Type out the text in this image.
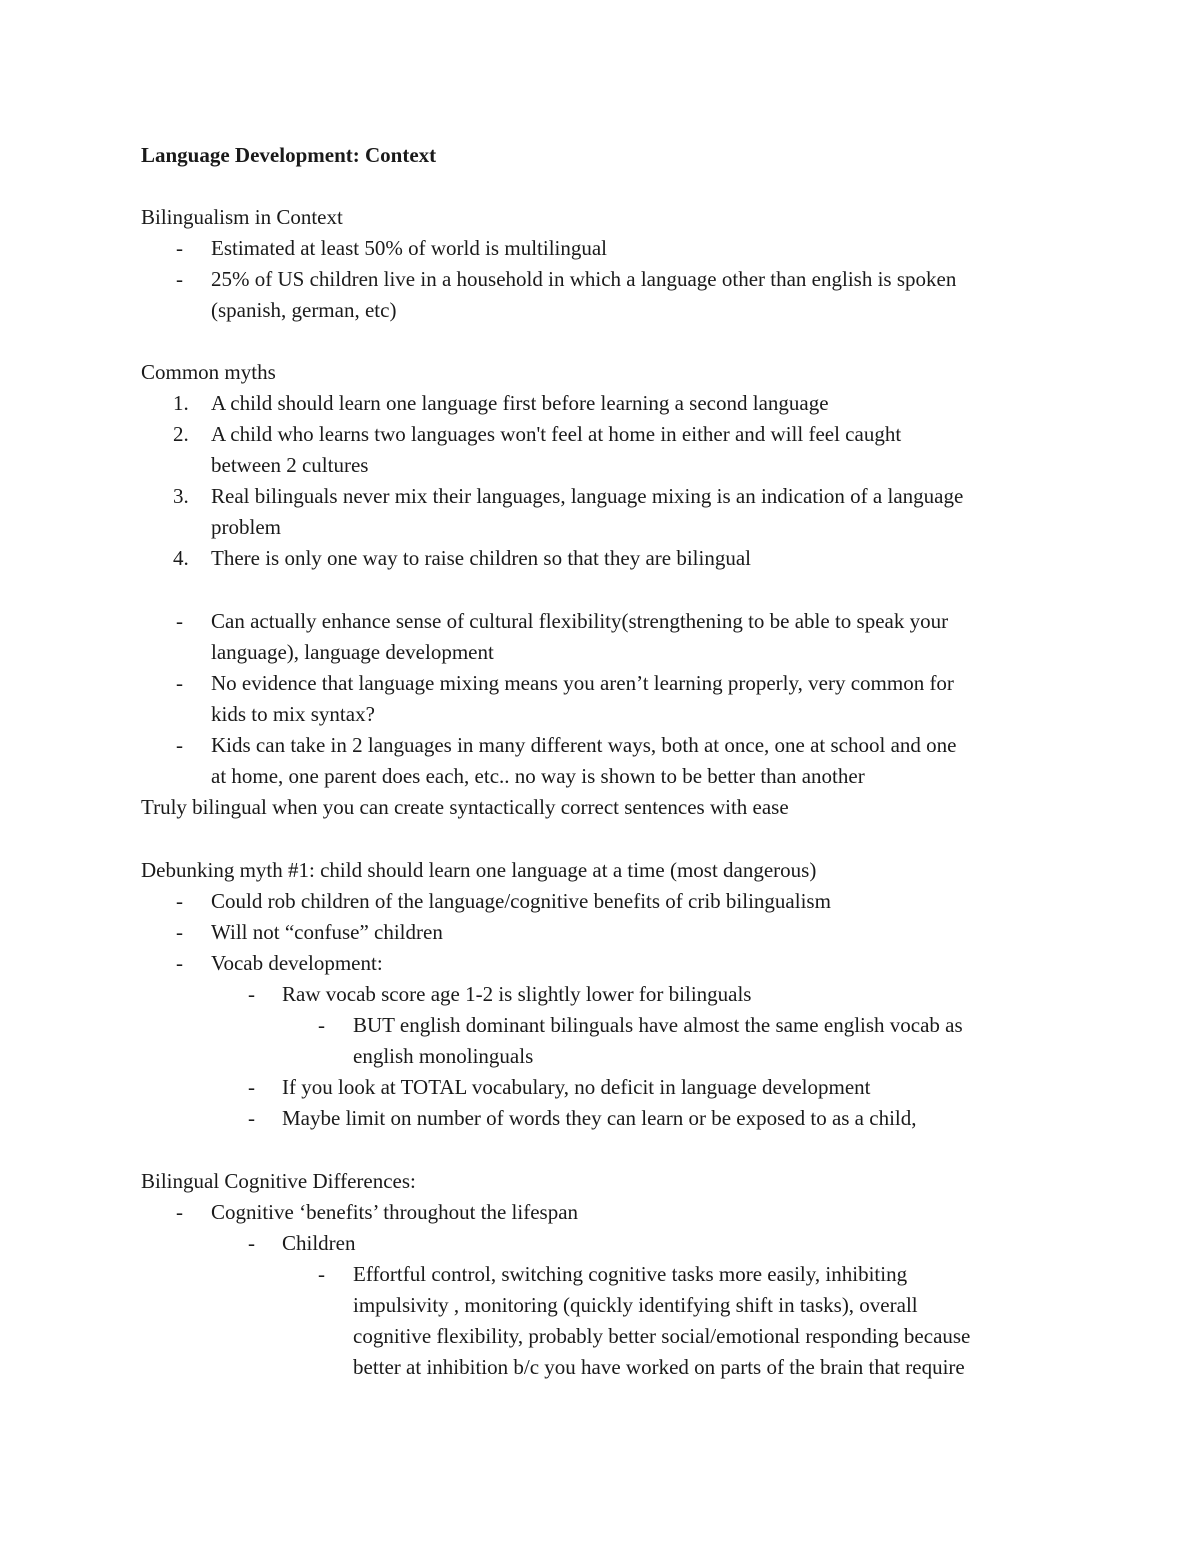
Language Development: Context
Bilingualism in Context
- Estimated at least 50% of world is multilingual
- 25% of US children live in a household in which a language other than english is spoken
(spanish, german, etc)
Common myths
1. A child should learn one language first before learning a second language
2. A child who learns two languages won't feel at home in either and will feel caught
between 2 cultures
3. Real bilinguals never mix their languages, language mixing is an indication of a language
problem
4. There is only one way to raise children so that they are bilingual
- Can actually enhance sense of cultural flexibility(strengthening to be able to speak your
language), language development
- No evidence that language mixing means you aren’t learning properly, very common for
kids to mix syntax?
- Kids can take in 2 languages in many different ways, both at once, one at school and one
at home, one parent does each, etc.. no way is shown to be better than another
Truly bilingual when you can create syntactically correct sentences with ease
Debunking myth #1: child should learn one language at a time (most dangerous)
- Could rob children of the language/cognitive benefits of crib bilingualism
- Will not “confuse” children
- Vocab development:
- Raw vocab score age 1-2 is slightly lower for bilinguals
- BUT english dominant bilinguals have almost the same english vocab as
english monolinguals
- If you look at TOTAL vocabulary, no deficit in language development
- Maybe limit on number of words they can learn or be exposed to as a child,
Bilingual Cognitive Differences:
- Cognitive ‘benefits’ throughout the lifespan
- Children
- Effortful control, switching cognitive tasks more easily, inhibiting
impulsivity , monitoring (quickly identifying shift in tasks), overall
cognitive flexibility, probably better social/emotional responding because
better at inhibition b/c you have worked on parts of the brain that require
